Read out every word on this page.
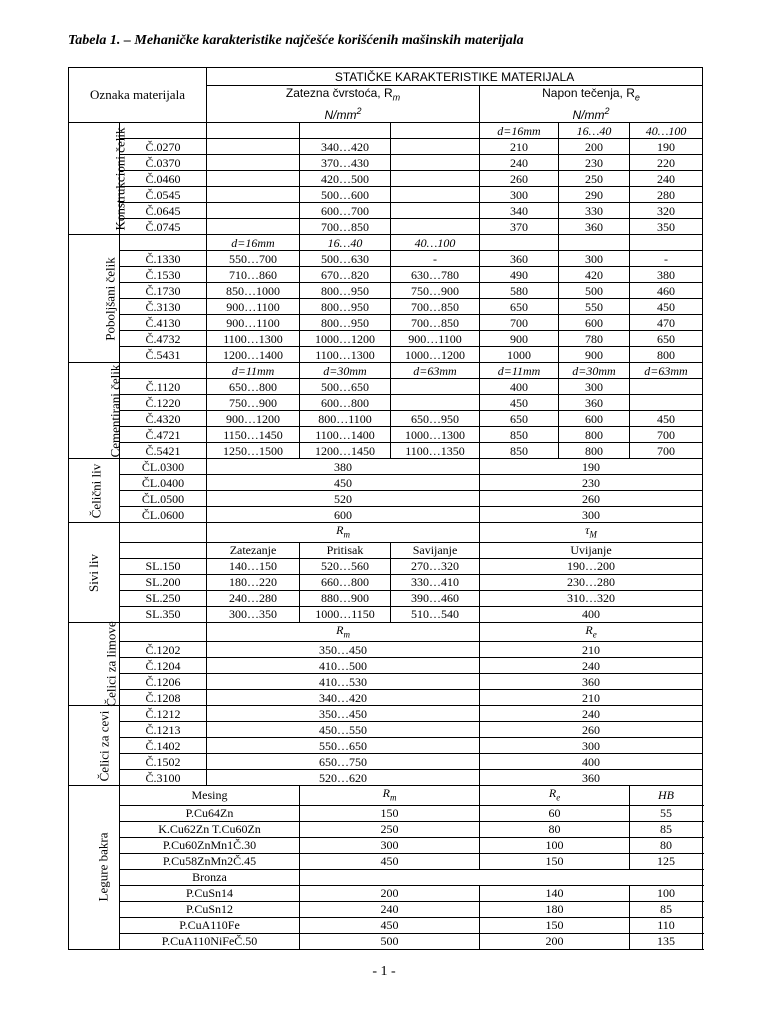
Tabela 1. – Mehaničke karakteristike najčešće korišćenih mašinskih materijala
Oznaka materijala		STATIČKE KARAKTERISTIKE MATERIJALA					
		Zatezna čvrstoća, $R_m$
$N/mm^2$			Napon tečenja, $R_e$
$N/mm^2$
Konstrukcioni čelik					d=16mm	16…40	40…100
	Č.0270		340…420		210	200	190
	Č.0370		370…430		240	230	220
	Č.0460		420…500		260	250	240
	Č.0545		500…600		300	290	280
	Č.0645		600…700		340	330	320
	Č.0745		700…850		370	360	350
Poboljšani čelik		d=16mm	16…40	40…100			
	Č.1330	550…700	500…630	-	360	300	-
	Č.1530	710…860	670…820	630…780	490	420	380
	Č.1730	850…1000	800…950	750…900	580	500	460
	Č.3130	900…1100	800…950	700…850	650	550	450
	Č.4130	900…1100	800…950	700…850	700	600	470
	Č.4732	1100…1300	1000…1200	900…1100	900	780	650
	Č.5431	1200…1400	1100…1300	1000…1200	1000	900	800
Cementirani čelik		d=11mm	d=30mm	d=63mm	d=11mm	d=30mm	d=63mm
	Č.1120	650…800	500…650		400	300	
	Č.1220	750…900	600…800		450	360	
	Č.4320	900…1200	800…1100	650…950	650	600	450
	Č.4721	1150…1450	1100…1400	1000…1300	850	800	700
	Č.5421	1250…1500	1200…1450	1100…1350	850	800	700
Čelični liv	ČL.0300	380			190		
	ČL.0400	450			230		
	ČL.0500	520			260		
	ČL.0600	600			300		
Sivi liv		$R_m$			$\tau_M$
		Zatezanje	Pritisak	Savijanje	Uvijanje		
	SL.150	140…150	520…560	270…320	190…200		
	SL.200	180…220	660…800	330…410	230…280		
	SL.250	240…280	880…900	390…460	310…320		
	SL.350	300…350	1000…1150	510…540	400		
Čelici za limove		$R_m$			$R_e$
	Č.1202	350…450			210		
	Č.1204	410…500			240		
	Č.1206	410…530			360		
	Č.1208	340…420			210		
Čelici za cevi	Č.1212	350…450			240		
	Č.1213	450…550			260		
	Č.1402	550…650			300		
	Č.1502	650…750			400		
	Č.3100	520…620			360		
Legure bakra	Mesing		$R_m$		$R_e$		HB
	P.Cu64Zn		150		60		55
	K.Cu62Zn T.Cu60Zn		250		80		85
	P.Cu60ZnMn1Č.30		300		100		80
	P.Cu58ZnMn2Č.45		450		150		125
	Bronza						
	P.CuSn14		200		140		100
	P.CuSn12		240		180		85
	P.CuA110Fe		450		150		110
	P.CuA110NiFeČ.50		500		200		135
- 1 -
